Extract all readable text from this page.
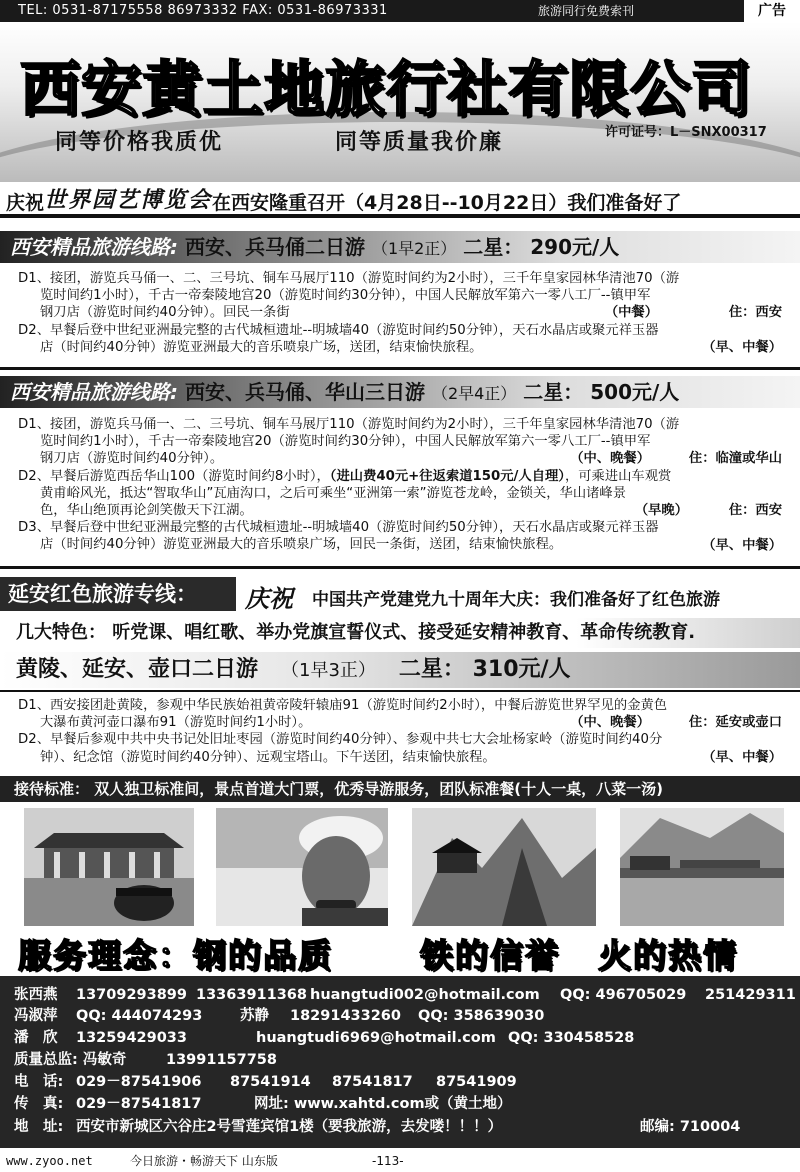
TEL: 0531-87175558 86973332 FAX: 0531-86973331	旅游同行免费索刊	广告
西安黄土地旅行社有限公司
同等价格我质优	同等质量我价廉	许可证号：L－SNX00317
庆祝世界园艺博览会在西安隆重召开（4月28日--10月22日）我们准备好了
西安精品旅游线路: 西安、兵马俑二日游 （1早2正） 二星： 290元/人

D1、接团，游览兵马俑一、二、三号坑、铜车马展厅110（游览时间约为2小时），三千年皇家园林华清池70（游

览时间约1小时），千古一帝秦陵地宫20（游览时间约30分钟），中国人民解放军第六一零八工厂--镇甲军

钢刀店（游览时间约40分钟）。回民一条街	（中餐）	住：西安

D2、早餐后登中世纪亚洲最完整的古代城桓遗址--明城墙40（游览时间约50分钟），天石水晶店或聚元祥玉器

店（时间约40分钟）游览亚洲最大的音乐喷泉广场，送团，结束愉快旅程。	（早、中餐）
西安精品旅游线路: 西安、兵马俑、华山三日游 （2早4正） 二星： 500元/人

D1、接团，游览兵马俑一、二、三号坑、铜车马展厅110（游览时间约为2小时），三千年皇家园林华清池70（游

览时间约1小时），千古一帝秦陵地宫20（游览时间约30分钟），中国人民解放军第六一零八工厂--镇甲军

钢刀店（游览时间约40分钟）。	（中、晚餐）	住：临潼或华山

D2、早餐后游览西岳华山100（游览时间约8小时），（进山费40元+往返索道150元/人自理），可乘进山车观赏

黄甫峪风光，抵达“智取华山”瓦庙沟口，之后可乘坐“亚洲第一索”游览苍龙岭，金锁关，华山诸峰景

色，华山绝顶再论剑笑傲天下江湖。	（早晚）	住：西安

D3、早餐后登中世纪亚洲最完整的古代城桓遗址--明城墙40（游览时间约50分钟），天石水晶店或聚元祥玉器

店（时间约40分钟）游览亚洲最大的音乐喷泉广场，回民一条街，送团，结束愉快旅程。	（早、中餐）
延安红色旅游专线：	庆祝 中国共产党建党九十周年大庆：我们准备好了红色旅游
几大特色： 听党课、唱红歌、举办党旗宣誓仪式、接受延安精神教育、革命传统教育.
黄陵、延安、壶口二日游 （1早3正） 二星： 310元/人

D1、西安接团赴黄陵，参观中华民族始祖黄帝陵轩辕庙91（游览时间约2小时），中餐后游览世界罕见的金黄色

大瀑布黄河壶口瀑布91（游览时间约1小时）。	（中、晚餐）	住：延安或壶口

D2、早餐后参观中共中央书记处旧址枣园（游览时间约40分钟）、参观中共七大会址杨家岭（游览时间约40分

钟）、纪念馆（游览时间约40分钟）、远观宝塔山。下午送团，结束愉快旅程。	（早、中餐）
接待标准： 双人独卫标准间，景点首道大门票，优秀导游服务，团队标准餐(十人一桌，八菜一汤)
服务理念：钢的品质	铁的信誉 火的热情
张西燕 13709293899 13363911368 huangtudi002@hotmail.com QQ: 496705029 251429311
冯淑萍 QQ: 444074293	苏静 18291433260 QQ: 358639030
潘　欣 13259429033	huangtudi6969@hotmail.com QQ: 330458528
质量总监: 冯敏奇	13991157758
电　话: 029－87541906 87541914 87541817 87541909
传　真: 029－87541817	网址: www.xahtd.com或（黄土地）
地　址: 西安市新城区六谷庄2号雪莲宾馆1楼（要我旅游，去发喽！！！）	邮编: 710004
www.zyoo.net	今日旅游・畅游天下 山东版	-113-
